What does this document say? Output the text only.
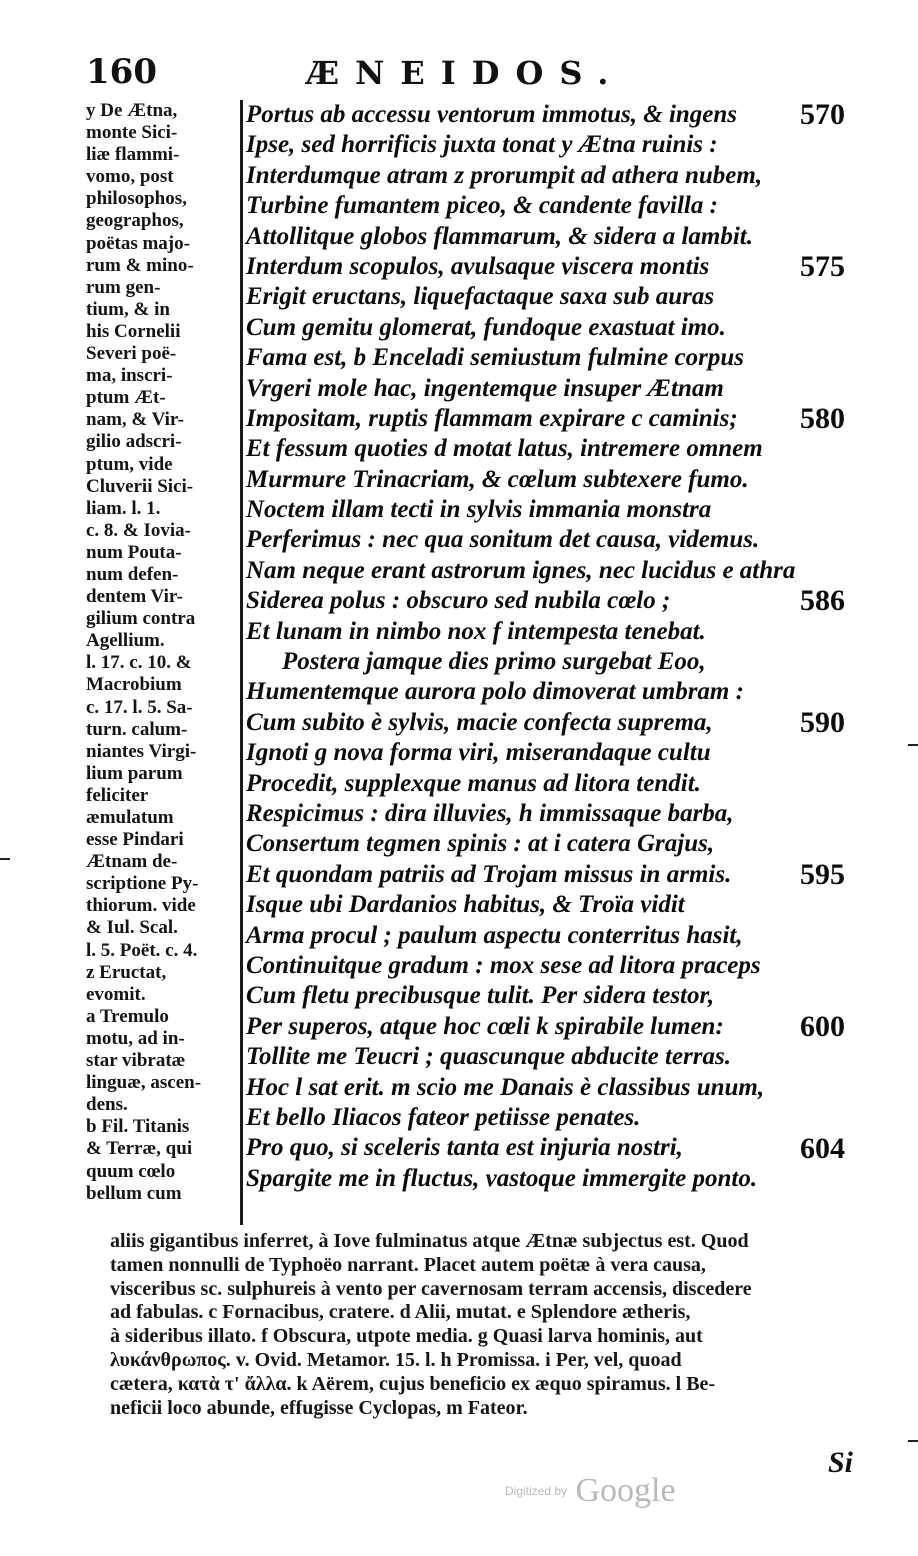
160	ÆNEIDOS.
y De Ætna,
monte Sici-
liæ flammi-
vomo, post
philosophos,
geographos,
poëtas majo-
rum & mino-
rum gen-
tium, & in
his Cornelii
Severi poë-
ma, inscri-
ptum Æt-
nam, & Vir-
gilio adscri-
ptum, vide
Cluverii Sici-
liam. l. 1.
c. 8. & Iovia-
num Pouta-
num defen-
dentem Vir-
gilium contra
Agellium.
l. 17. c. 10. &
Macrobium
c. 17. l. 5. Sa-
turn. calum-
niantes Virgi-
lium parum
feliciter
æmulatum
esse Pindari
Ætnam de-
scriptione Py-
thiorum. vide
& Iul. Scal.
l. 5. Poët. c. 4.
z Eructat,
evomit.
a Tremulo
motu, ad in-
star vibratæ
linguæ, ascen-
dens.
b Fil. Titanis
& Terræ, qui
quum cœlo
bellum cum
Portus ab accessu ventorum immotus, & ingens
Ipse, sed horrificis juxta tonat y Ætna ruinis :
Interdumque atram z prorumpit ad athera nubem,
Turbine fumantem piceo, & candente favilla :
Attollitque globos flammarum, & sidera a lambit.
Interdum scopulos, avulsaque viscera montis
Erigit eructans, liquefactaque saxa sub auras
Cum gemitu glomerat, fundoque exastuat imo.
Fama est, b Enceladi semiustum fulmine corpus
Vrgeri mole hac, ingentemque insuper Ætnam
Impositam, ruptis flammam expirare c caminis;
Et fessum quoties d motat latus, intremere omnem
Murmure Trinacriam, & cœlum subtexere fumo.
Noctem illam tecti in sylvis immania monstra
Perferimus : nec qua sonitum det causa, videmus.
Nam neque erant astrorum ignes, nec lucidus e athra
Siderea polus : obscuro sed nubila cœlo ;
Et lunam in nimbo nox f intempesta tenebat.
Postera jamque dies primo surgebat Eoo,
Humentemque aurora polo dimoverat umbram :
Cum subito è sylvis, macie confecta suprema,
Ignoti g nova forma viri, miserandaque cultu
Procedit, supplexque manus ad litora tendit.
Respicimus : dira illuvies, h immissaque barba,
Consertum tegmen spinis : at i catera Grajus,
Et quondam patriis ad Trojam missus in armis.
Isque ubi Dardanios habitus, & Troïa vidit
Arma procul ; paulum aspectu conterritus hasit,
Continuitque gradum : mox sese ad litora praceps
Cum fletu precibusque tulit. Per sidera testor,
Per superos, atque hoc cœli k spirabile lumen:
Tollite me Teucri ; quascunque abducite terras.
Hoc l sat erit. m scio me Danais è classibus unum,
Et bello Iliacos fateor petiisse penates.
Pro quo, si sceleris tanta est injuria nostri,
Spargite me in fluctus, vastoque immergite ponto.
aliis gigantibus inferret, à Iove fulminatus atque Ætnæ subjectus est. Quod
tamen nonnulli de Typhoëo narrant. Placet autem poëtæ à vera causa,
visceribus sc. sulphureis à vento per cavernosam terram accensis, discedere
ad fabulas. c Fornacibus, cratere. d Alii, mutat. e Splendore ætheris,
à sideribus illato. f Obscura, utpote media. g Quasi larva hominis, aut
λυκάνθρωπος. v. Ovid. Metamor. 15. l. h Promissa. i Per, vel, quoad
cætera, κατὰ τ' ἄλλα. k Aërem, cujus beneficio ex æquo spiramus. l Be-
neficii loco abunde, effugisse Cyclopas, m Fateor.
Si
Digitized by Google
570
575
580
586
590
595
600
604
